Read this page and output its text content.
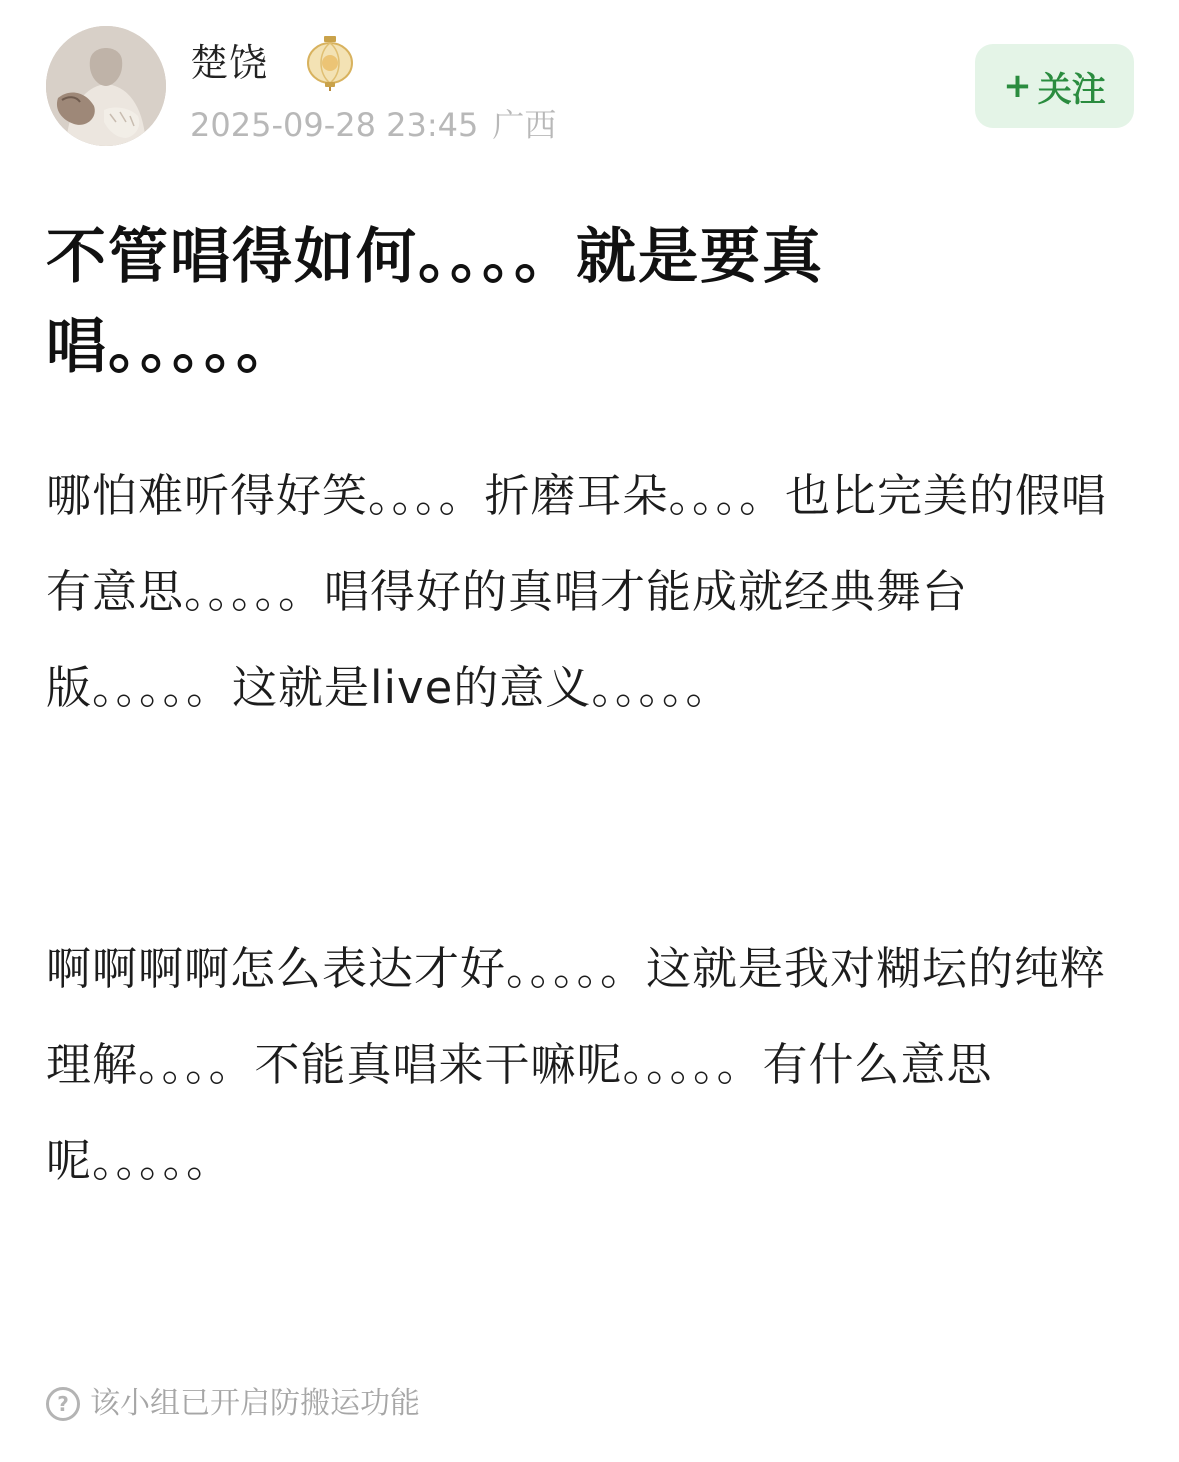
楚饶
2025-09-28 23:45 广西
+ 关注
不管唱得如何。。。。就是要真唱。。。。。

哪怕难听得好笑。。。。折磨耳朵。。。。也比完美的假唱有意思。。。。。唱得好的真唱才能成就经典舞台版。。。。。这就是live的意义。。。。。

啊啊啊啊怎么表达才好。。。。。这就是我对糊坛的纯粹理解。。。。不能真唱来干嘛呢。。。。。有什么意思呢。。。。。

? 该小组已开启防搬运功能
